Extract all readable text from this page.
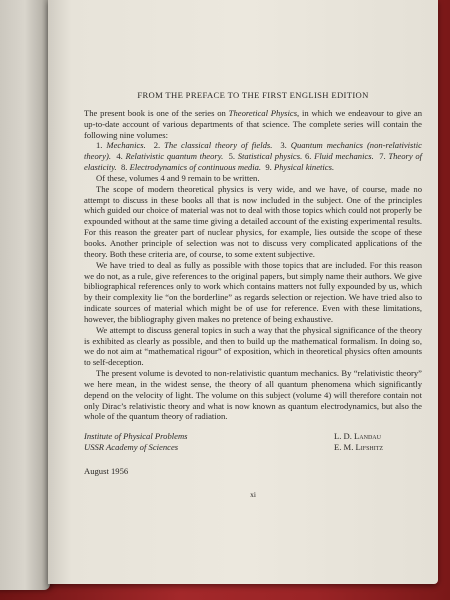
FROM THE PREFACE TO THE FIRST ENGLISH EDITION

The present book is one of the series on Theoretical Physics, in which we endeavour to give an up-to-date account of various departments of that science. The complete series will contain the following nine volumes:

1. Mechanics. 2. The classical theory of fields. 3. Quantum mechanics (non-relativistic theory). 4. Relativistic quantum theory. 5. Statistical physics. 6. Fluid mechanics. 7. Theory of elasticity. 8. Electrodynamics of continuous media. 9. Physical kinetics.

Of these, volumes 4 and 9 remain to be written.

The scope of modern theoretical physics is very wide, and we have, of course, made no attempt to discuss in these books all that is now included in the subject. One of the principles which guided our choice of material was not to deal with those topics which could not properly be expounded without at the same time giving a detailed account of the existing experimental results. For this reason the greater part of nuclear physics, for example, lies outside the scope of these books. Another principle of selection was not to discuss very complicated applications of the theory. Both these criteria are, of course, to some extent subjective.

We have tried to deal as fully as possible with those topics that are included. For this reason we do not, as a rule, give references to the original papers, but simply name their authors. We give bibliographical references only to work which contains matters not fully expounded by us, which by their complexity lie “on the borderline” as regards selection or rejection. We have tried also to indicate sources of material which might be of use for reference. Even with these limitations, however, the bibliography given makes no pretence of being exhaustive.

We attempt to discuss general topics in such a way that the physical significance of the theory is exhibited as clearly as possible, and then to build up the mathematical formalism. In doing so, we do not aim at “mathematical rigour” of exposition, which in theoretical physics often amounts to self-deception.

The present volume is devoted to non-relativistic quantum mechanics. By “relativistic theory” we here mean, in the widest sense, the theory of all quantum phenomena which significantly depend on the velocity of light. The volume on this subject (volume 4) will therefore contain not only Dirac’s relativistic theory and what is now known as quantum electrodynamics, but also the whole of the quantum theory of radiation.

Institute of Physical Problems
USSR Academy of Sciences
L. D. Landau
E. M. Lifshitz
August 1956
xi
